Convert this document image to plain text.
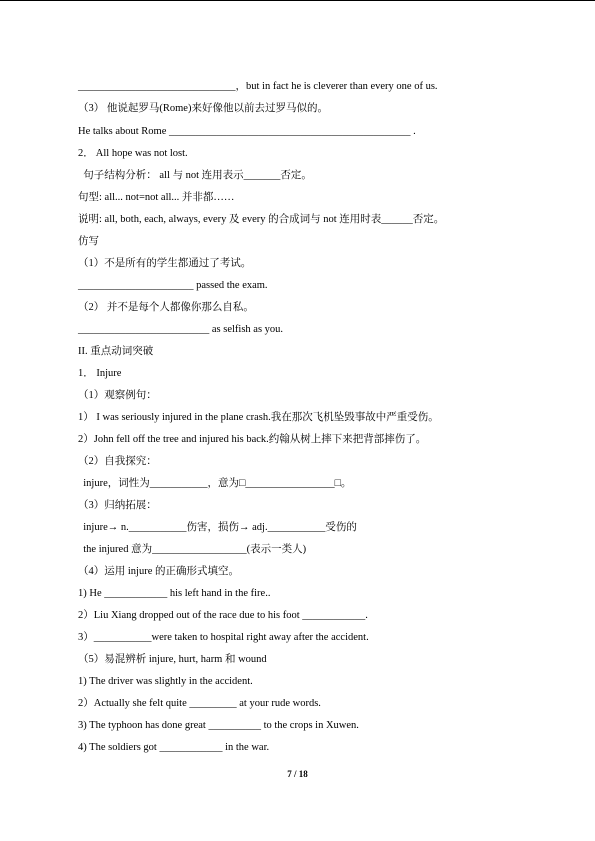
______________________________，but in fact he is cleverer than every one of us.
（3） 他说起罗马(Rome)来好像他以前去过罗马似的。
He talks about Rome ______________________________________________ .
2． All hope was not lost.
句子结构分析： all 与 not 连用表示_______否定。
句型: all... not=not all... 并非都……
说明: all, both, each, always, every 及 every 的合成词与 not 连用时表______否定。
仿写
（1）不是所有的学生都通过了考试。
______________________ passed the exam.
（2） 并不是每个人都像你那么自私。
_________________________ as selfish as you.
II. 重点动词突破
1． Injure
（1）观察例句：
1） I was seriously injured in the plane crash.我在那次飞机坠毁事故中严重受伤。
2）John fell off the tree and injured his back.约翰从树上摔下来把背部摔伤了。
（2）自我探究：
injure，词性为___________，意为□_________________□。
（3）归纳拓展：
injure→ n.___________伤害，损伤→ adj.___________受伤的
the injured 意为__________________(表示一类人)
（4）运用 injure 的正确形式填空。
1) He ____________ his left hand in the fire..
2）Liu Xiang dropped out of the race due to his foot ____________.
3）___________were taken to hospital right away after the accident.
（5）易混辨析 injure, hurt, harm 和 wound
1) The driver was slightly in the accident.
2）Actually she felt quite _________ at your rude words.
3) The typhoon has done great __________ to the crops in Xuwen.
4) The soldiers got ____________ in the war.
7 / 18
